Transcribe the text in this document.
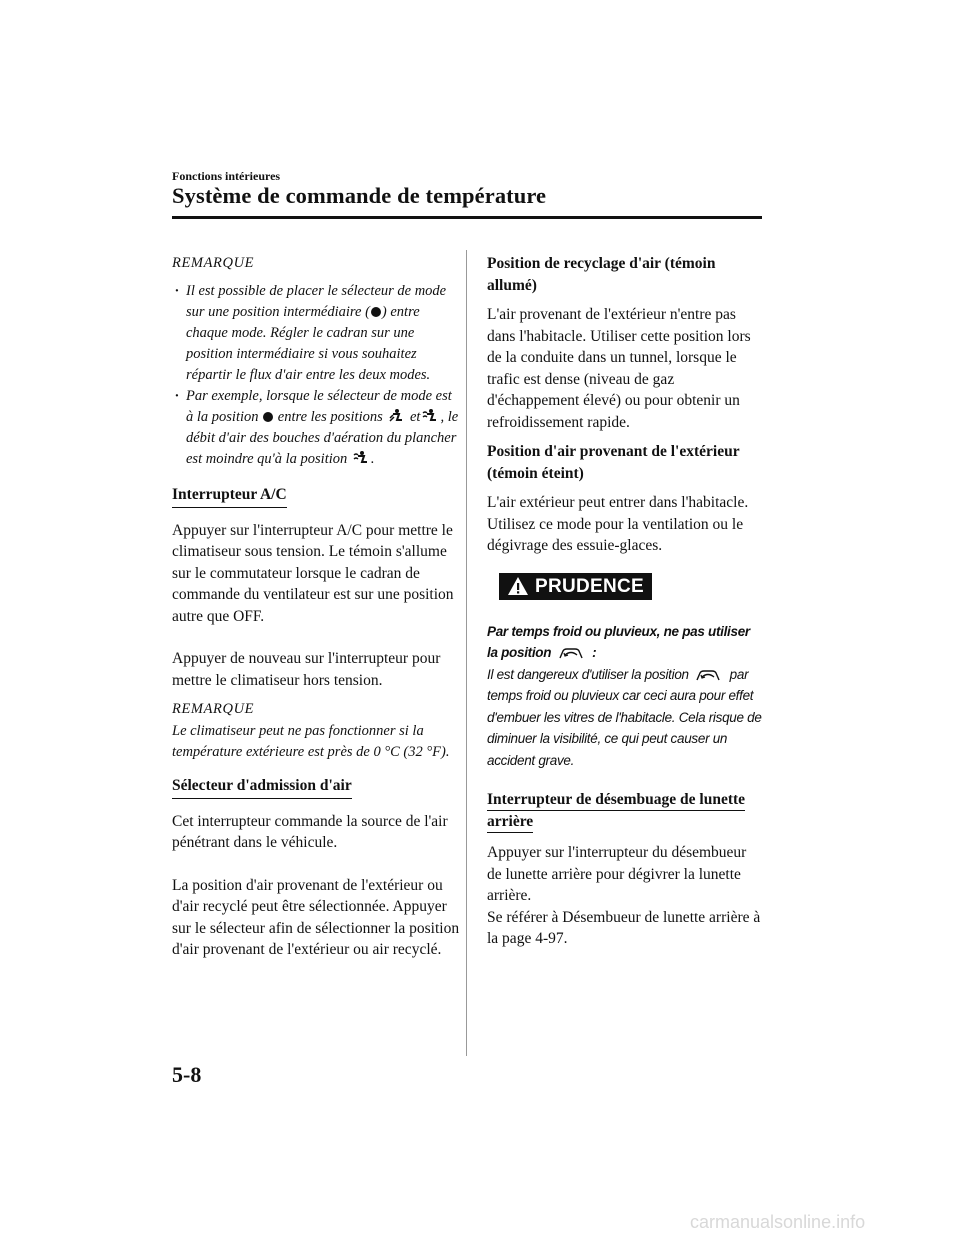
Fonctions intérieures
Système de commande de température
REMARQUE
· Il est possible de placer le sélecteur de mode sur une position intermédiaire ( ) entre chaque mode. Régler le cadran sur une position intermédiaire si vous souhaitez répartir le flux d'air entre les deux modes.
· Par exemple, lorsque le sélecteur de mode est à la position entre les positions et , le débit d'air des bouches d'aération du plancher est moindre qu'à la position .
Interrupteur A/C

Appuyer sur l'interrupteur A/C pour mettre le climatiseur sous tension. Le témoin s'allume sur le commutateur lorsque le cadran de commande du ventilateur est sur une position autre que OFF.

Appuyer de nouveau sur l'interrupteur pour mettre le climatiseur hors tension.

REMARQUE

Le climatiseur peut ne pas fonctionner si la température extérieure est près de 0 °C (32 °F).

Sélecteur d'admission d'air

Cet interrupteur commande la source de l'air pénétrant dans le véhicule.

La position d'air provenant de l'extérieur ou d'air recyclé peut être sélectionnée. Appuyer sur le sélecteur afin de sélectionner la position d'air provenant de l'extérieur ou air recyclé.

Position de recyclage d'air (témoin allumé)

L'air provenant de l'extérieur n'entre pas dans l'habitacle. Utiliser cette position lors de la conduite dans un tunnel, lorsque le trafic est dense (niveau de gaz d'échappement élevé) ou pour obtenir un refroidissement rapide.

Position d'air provenant de l'extérieur (témoin éteint)

L'air extérieur peut entrer dans l'habitacle. Utilisez ce mode pour la ventilation ou le dégivrage des essuie-glaces.

PRUDENCE
Par temps froid ou pluvieux, ne pas utiliser la position	:
Il est dangereux d'utiliser la position	par temps froid ou pluvieux car ceci aura pour effet d'embuer les vitres de l'habitacle. Cela risque de diminuer la visibilité, ce qui peut causer un accident grave.
Interrupteur de désembuage de lunette arrière

Appuyer sur l'interrupteur du désembueur de lunette arrière pour dégivrer la lunette arrière.

Se référer à Désembueur de lunette arrière à la page 4-97.

5-8
carmanualsonline.info
